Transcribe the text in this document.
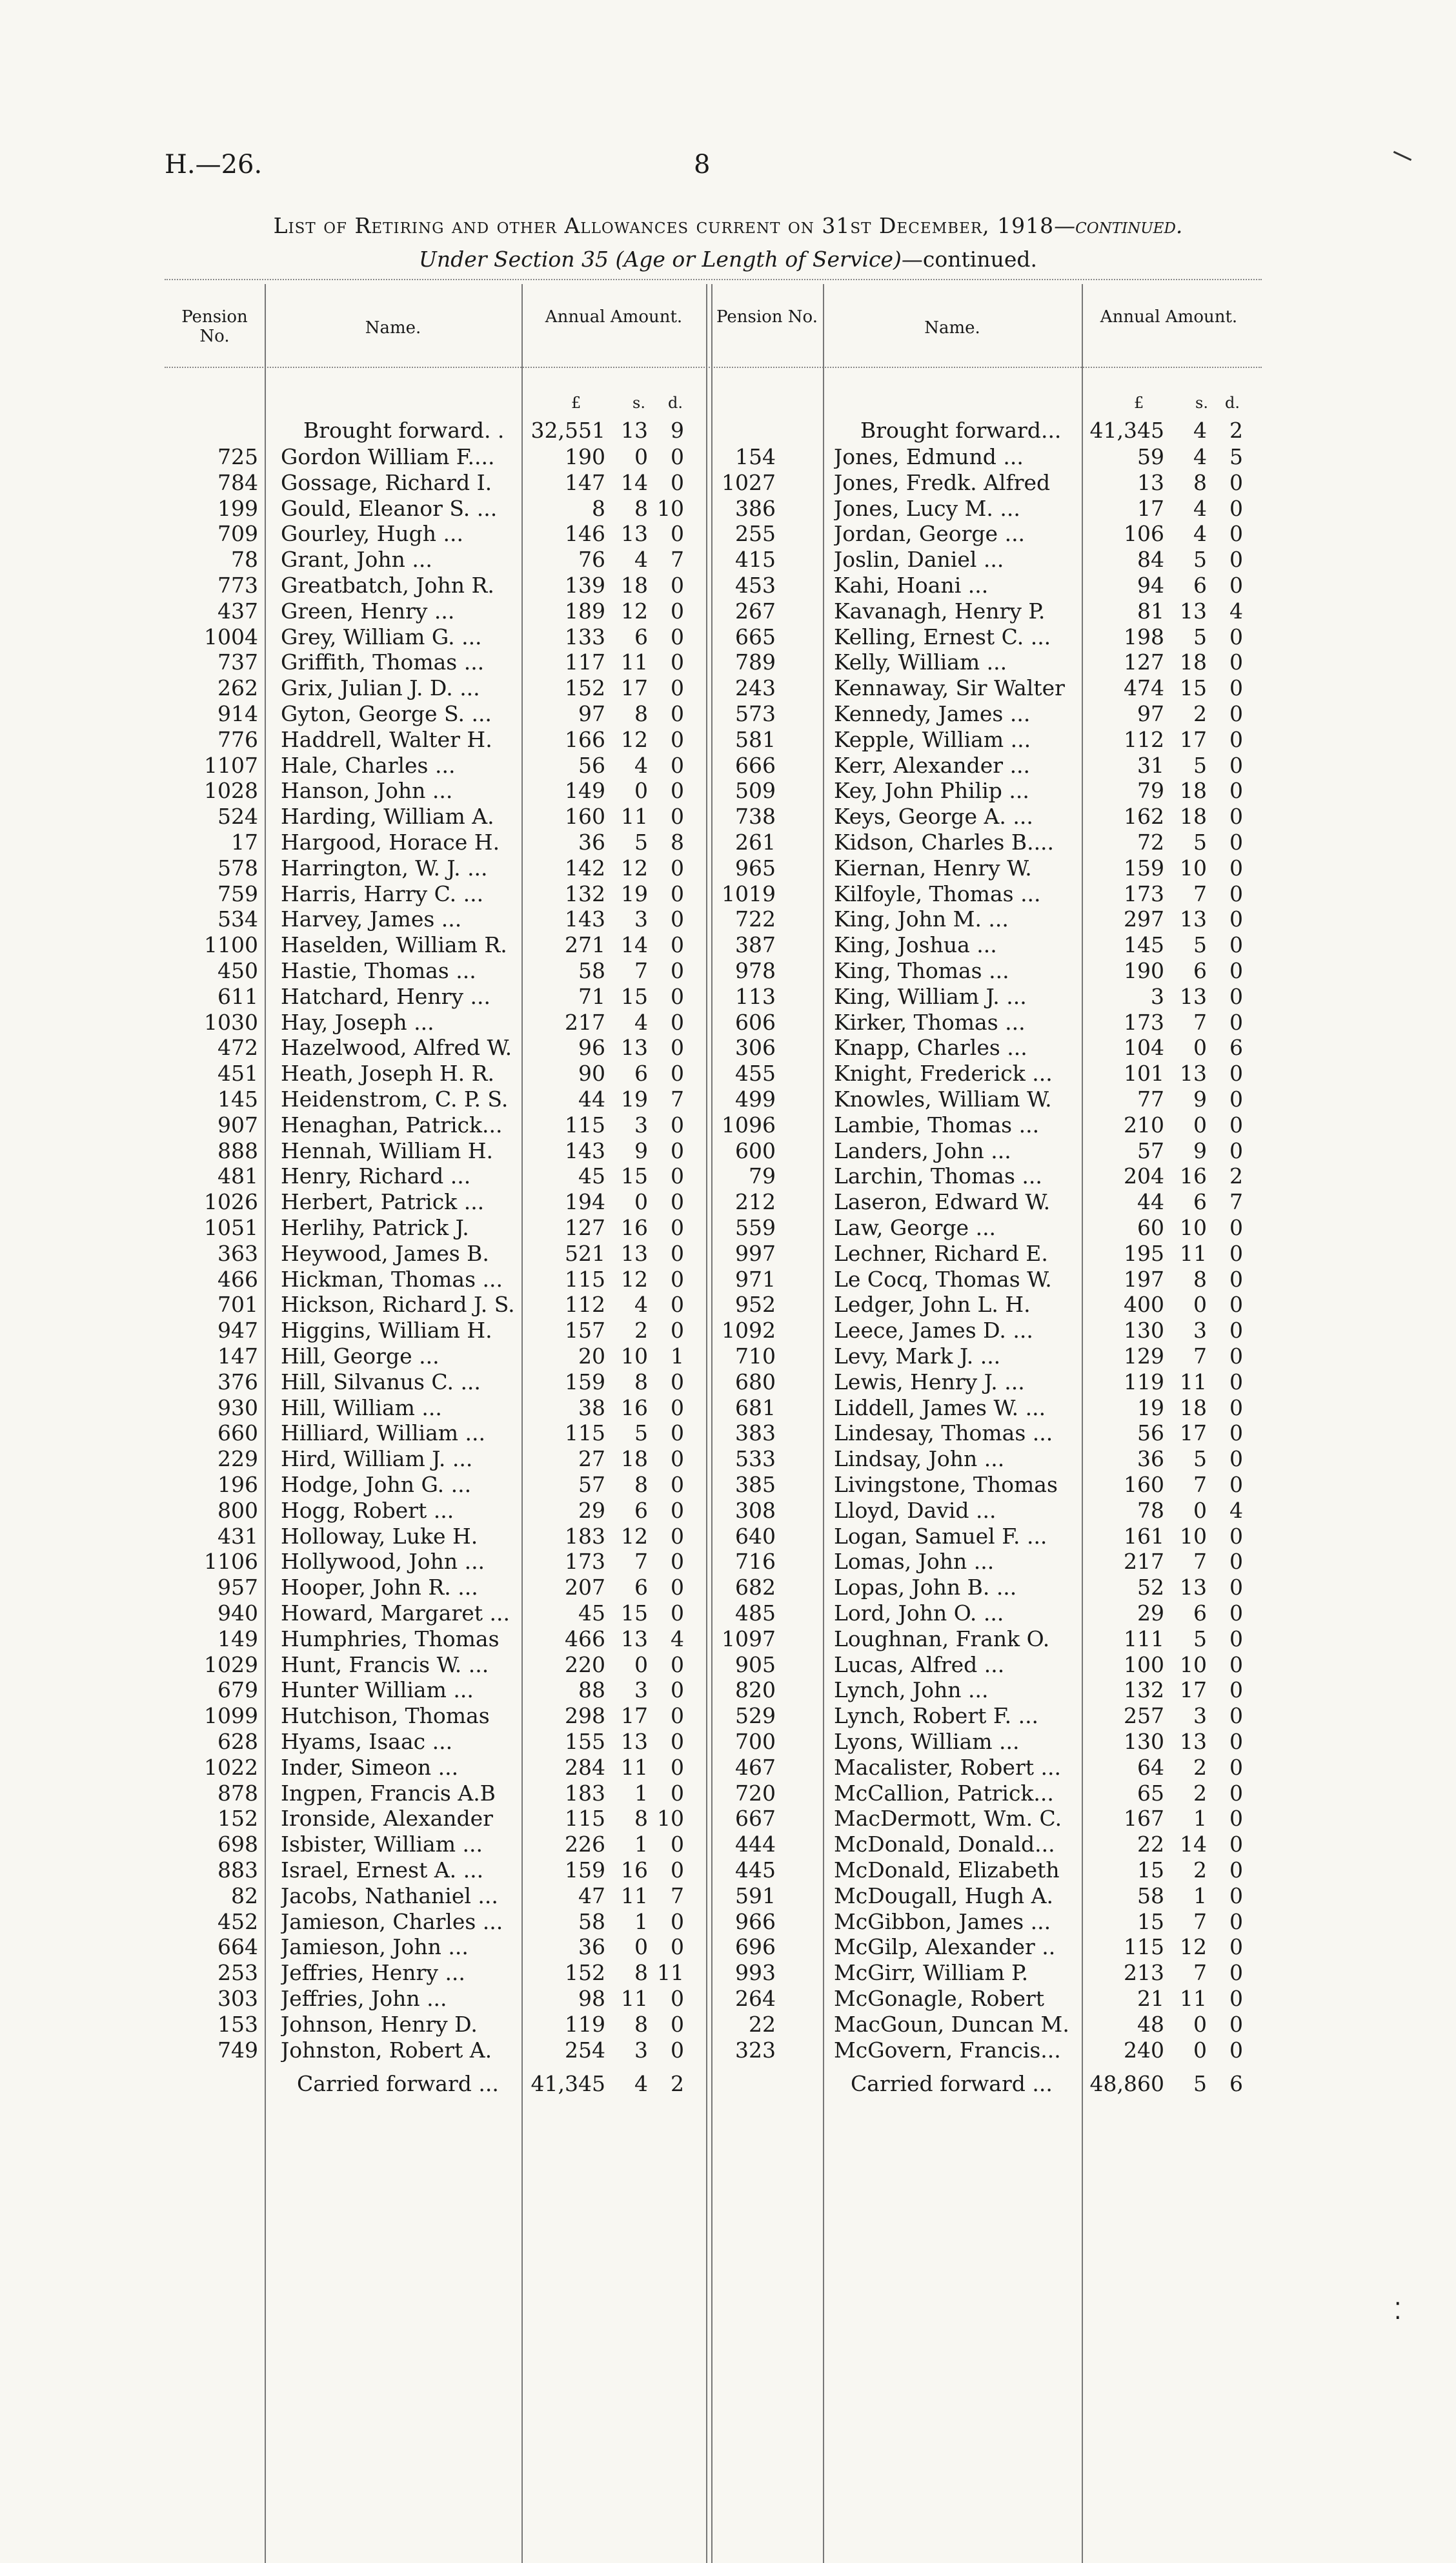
H.—26.	8
List of Retiring and other Allowances current on 31st December, 1918—continued.
Under Section 35 (Age or Length of Service)—continued.
Pension No.	Name.
Annual Amount.	Pension No.
Name.
Annual Amount.
£	s. d.	£	s. d.
Brought forward. .	32,551 13	9	Brought forward...	41,345	4	2
725 Gordon William F....	190	0	0
784 Gossage, Richard I.	147 14	0
199 Gould, Eleanor S. ...	8	8 10
709 Gourley, Hugh ...	146 13	0
78 Grant, John ...	76	4	7
773 Greatbatch, John R.	139 18	0
437 Green, Henry ...	189 12	0
1004 Grey, William G. ...	133	6	0
737 Griffith, Thomas ...	117 11	0
262 Grix, Julian J. D. ...	152 17	0
914 Gyton, George S. ...	97	8	0
776 Haddrell, Walter H.	166 12	0
1107 Hale, Charles ...	56	4	0
1028 Hanson, John ...	149	0	0
524 Harding, William A.	160 11	0
17 Hargood, Horace H.	36	5	8
578 Harrington, W. J. ...	142 12	0
759 Harris, Harry C. ...	132 19	0
534 Harvey, James ...	143	3	0
1100 Haselden, William R.	271 14	0
450 Hastie, Thomas ...	58	7	0
611 Hatchard, Henry ...	71 15	0
1030 Hay, Joseph ...	217	4	0
472 Hazelwood, Alfred W.	96 13	0
451 Heath, Joseph H. R.	90	6	0
145 Heidenstrom, C. P. S.	44 19	7
907 Henaghan, Patrick...	115	3	0
888 Hennah, William H.	143	9	0
481 Henry, Richard ...	45 15	0
1026 Herbert, Patrick ...	194	0	0
1051 Herlihy, Patrick J.	127 16	0
363 Heywood, James B.	521 13	0
466 Hickman, Thomas ...	115 12	0
701 Hickson, Richard J. S.	112	4	0
947 Higgins, William H.	157	2	0
147 Hill, George ...	20 10	1
376 Hill, Silvanus C. ...	159	8	0
930 Hill, William ...	38 16	0
660 Hilliard, William ...	115	5	0
229 Hird, William J. ...	27 18	0
196 Hodge, John G. ...	57	8	0
800 Hogg, Robert ...	29	6	0
431 Holloway, Luke H.	183 12	0
1106 Hollywood, John ...	173	7	0
957 Hooper, John R. ...	207	6	0
940 Howard, Margaret ...	45 15	0
149 Humphries, Thomas	466 13	4
1029 Hunt, Francis W. ...	220	0	0
679 Hunter William ...	88	3	0
1099 Hutchison, Thomas	298 17	0
628 Hyams, Isaac ...	155 13	0
1022 Inder, Simeon ...	284 11	0
878 Ingpen, Francis A.B	183	1	0
152 Ironside, Alexander	115	8 10
698 Isbister, William ...	226	1	0
883 Israel, Ernest A. ...	159 16	0
82 Jacobs, Nathaniel ...	47 11	7
452 Jamieson, Charles ...	58	1	0
664 Jamieson, John ...	36	0	0
253 Jeffries, Henry ...	152	8 11
303 Jeffries, John ...	98 11	0
153 Johnson, Henry D.	119	8	0
749 Johnston, Robert A.	254	3	0
154	Jones, Edmund ...	59	4	5
1027	Jones, Fredk. Alfred	13	8	0
386	Jones, Lucy M. ...	17	4	0
255	Jordan, George ...	106	4	0
415	Joslin, Daniel ...	84	5	0
453	Kahi, Hoani ...	94	6	0
267	Kavanagh, Henry P.	81 13	4
665	Kelling, Ernest C. ...	198	5	0
789	Kelly, William ...	127 18	0
243	Kennaway, Sir Walter	474 15	0
573	Kennedy, James ...	97	2	0
581	Kepple, William ...	112 17	0
666	Kerr, Alexander ...	31	5	0
509	Key, John Philip ...	79 18	0
738	Keys, George A. ...	162 18	0
261	Kidson, Charles B....	72	5	0
965	Kiernan, Henry W.	159 10	0
1019	Kilfoyle, Thomas ...	173	7	0
722	King, John M. ...	297 13	0
387	King, Joshua ...	145	5	0
978	King, Thomas ...	190	6	0
113	King, William J. ...	3 13	0
606	Kirker, Thomas ...	173	7	0
306	Knapp, Charles ...	104	0	6
455	Knight, Frederick ...	101 13	0
499	Knowles, William W.	77	9	0
1096	Lambie, Thomas ...	210	0	0
600	Landers, John ...	57	9	0
79	Larchin, Thomas ...	204 16	2
212	Laseron, Edward W.	44	6	7
559	Law, George ...	60 10	0
997	Lechner, Richard E.	195 11	0
971	Le Cocq, Thomas W.	197	8	0
952	Ledger, John L. H.	400	0	0
1092	Leece, James D. ...	130	3	0
710	Levy, Mark J. ...	129	7	0
680	Lewis, Henry J. ...	119 11	0
681	Liddell, James W. ...	19 18	0
383	Lindesay, Thomas ...	56 17	0
533	Lindsay, John ...	36	5	0
385	Livingstone, Thomas	160	7	0
308	Lloyd, David ...	78	0	4
640	Logan, Samuel F. ...	161 10	0
716	Lomas, John ...	217	7	0
682	Lopas, John B. ...	52 13	0
485	Lord, John O. ...	29	6	0
1097	Loughnan, Frank O.	111	5	0
905	Lucas, Alfred ...	100 10	0
820	Lynch, John ...	132 17	0
529	Lynch, Robert F. ...	257	3	0
700	Lyons, William ...	130 13	0
467	Macalister, Robert ...	64	2	0
720	McCallion, Patrick...	65	2	0
667	MacDermott, Wm. C.	167	1	0
444	McDonald, Donald...	22 14	0
445	McDonald, Elizabeth	15	2	0
591	McDougall, Hugh A.	58	1	0
966	McGibbon, James ...	15	7	0
696	McGilp, Alexander ..	115 12	0
993	McGirr, William P.	213	7	0
264	McGonagle, Robert	21 11	0
22	MacGoun, Duncan M.	48	0	0
323	McGovern, Francis...	240	0	0
Carried forward ...	41,345	4	2	Carried forward ...	48,860	5	6
⁚
